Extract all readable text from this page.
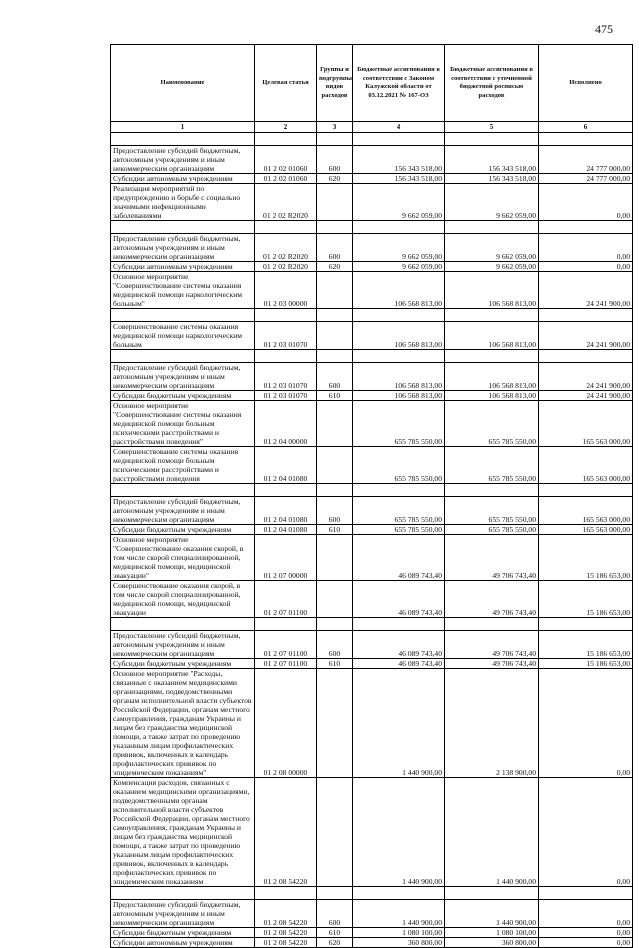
475
Наименование	Целевая статья	Группы и подгруппы видов расходов	Бюджетные ассигнования в соответствии с Законом Калужской области от 03.12.2021 № 167-ОЗ	Бюджетные ассигнования в соответствии с уточненной бюджетной росписью расходов	Исполнено
1	2	3	4	5	6

Предоставление субсидий бюджетным, автономным учреждениям и иным некоммерческим организациям	01 2 02 01060	600	156 343 518,00	156 343 518,00	24 777 000,00
Субсидии автономным учреждениям	01 2 02 01060	620	156 343 518,00	156 343 518,00	24 777 000,00
Реализация мероприятий по предупреждению и борьбе с социально значимыми инфекционными заболеваниями	01 2 02 R2020		9 662 059,00	9 662 059,00	0,00

Предоставление субсидий бюджетным, автономным учреждениям и иным некоммерческим организациям	01 2 02 R2020	600	9 662 059,00	9 662 059,00	0,00
Субсидии автономным учреждениям	01 2 02 R2020	620	9 662 059,00	9 662 059,00	0,00
Основное мероприятие "Совершенствование системы оказания медицинской помощи наркологическим больным"	01 2 03 00000		106 568 813,00	106 568 813,00	24 241 900,00

Совершенствование системы оказания медицинской помощи наркологическим больным	01 2 03 01070		106 568 813,00	106 568 813,00	24 241 900,00

Предоставление субсидий бюджетным, автономным учреждениям и иным некоммерческим организациям	01 2 03 01070	600	106 568 813,00	106 568 813,00	24 241 900,00
Субсидии бюджетным учреждениям	01 2 03 01070	610	106 568 813,00	106 568 813,00	24 241 900,00
Основное мероприятие "Совершенствование системы оказания медицинской помощи больным психическими расстройствами и расстройствами поведения"	01 2 04 00000		655 785 550,00	655 785 550,00	165 563 000,00
Совершенствование системы оказания медицинской помощи больным психическими расстройствами и расстройствами поведения	01 2 04 01080		655 785 550,00	655 785 550,00	165 563 000,00

Предоставление субсидий бюджетным, автономным учреждениям и иным некоммерческим организациям	01 2 04 01080	600	655 785 550,00	655 785 550,00	165 563 000,00
Субсидии бюджетным учреждениям	01 2 04 01080	610	655 785 550,00	655 785 550,00	165 563 000,00
Основное мероприятие "Совершенствование оказания скорой, в том числе скорой специализированной, медицинской помощи, медицинской эвакуации"	01 2 07 00000		46 089 743,40	49 706 743,40	15 186 653,00
Совершенствование оказания скорой, в том числе скорой специализированной, медицинской помощи, медицинской эвакуации	01 2 07 01100		46 089 743,40	49 706 743,40	15 186 653,00

Предоставление субсидий бюджетным, автономным учреждениям и иным некоммерческим организациям	01 2 07 01100	600	46 089 743,40	49 706 743,40	15 186 653,00
Субсидии бюджетным учреждениям	01 2 07 01100	610	46 089 743,40	49 706 743,40	15 186 653,00
Основное мероприятие "Расходы, связанные с оказанием медицинскими организациями, подведомственными органам исполнительной власти субъектов Российской Федерации, органам местного самоуправления, гражданам Украины и лицам без гражданства медицинской помощи, а также затрат по проведению указанным лицам профилактических прививок, включенных в календарь профилактических прививок по эпидемическим показаниям"	01 2 08 00000		1 440 900,00	2 138 900,00	0,00
Компенсация расходов, связанных с оказанием медицинскими организациями, подведомственными органам исполнительной власти субъектов Российской Федерации, органам местного самоуправления, гражданам Украины и лицам без гражданства медицинской помощи, а также затрат по проведению указанным лицам профилактических прививок, включенных в календарь профилактических прививок по эпидемическим показаниям	01 2 08 54220		1 440 900,00	1 440 900,00	0,00

Предоставление субсидий бюджетным, автономным учреждениям и иным некоммерческим организациям	01 2 08 54220	600	1 440 900,00	1 440 900,00	0,00
Субсидии бюджетным учреждениям	01 2 08 54220	610	1 080 100,00	1 080 100,00	0,00
Субсидии автономным учреждениям	01 2 08 54220	620	360 800,00	360 800,00	0,00
